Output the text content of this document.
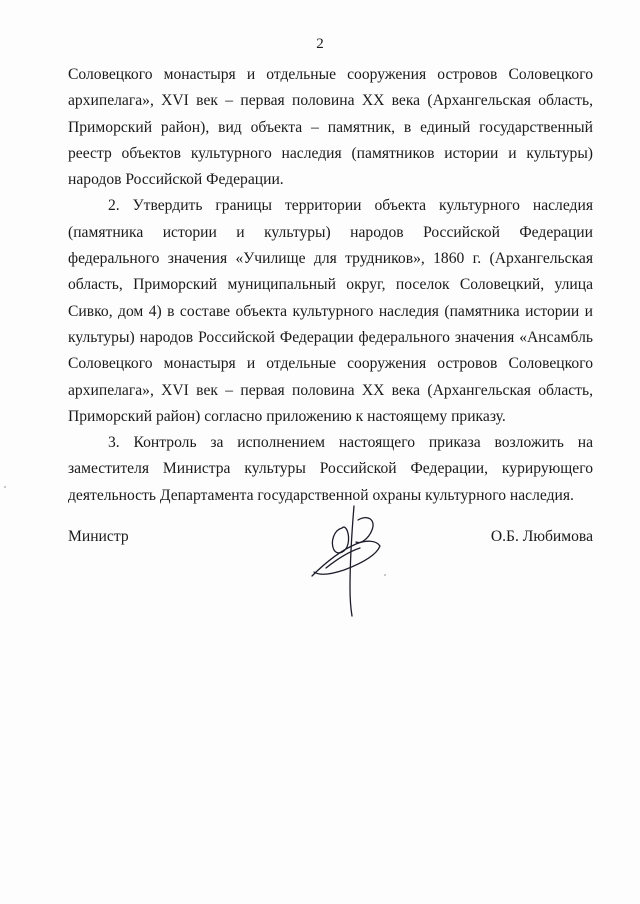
2

Соловецкого монастыря и отдельные сооружения островов Соловецкого архипелага», XVI век – первая половина XX века (Архангельская область, Приморский район), вид объекта – памятник, в единый государственный реестр объектов культурного наследия (памятников истории и культуры) народов Российской Федерации.

2. Утвердить границы территории объекта культурного наследия (памятника истории и культуры) народов Российской Федерации федерального значения «Училище для трудников», 1860 г. (Архангельская область, Приморский муниципальный округ, поселок Соловецкий, улица Сивко, дом 4) в составе объекта культурного наследия (памятника истории и культуры) народов Российской Федерации федерального значения «Ансамбль Соловецкого монастыря и отдельные сооружения островов Соловецкого архипелага», XVI век – первая половина XX века (Архангельская область, Приморский район) согласно приложению к настоящему приказу.

3. Контроль за исполнением настоящего приказа возложить на заместителя Министра культуры Российской Федерации, курирующего деятельность Департамента государственной охраны культурного наследия.

Министр	О.Б. Любимова
